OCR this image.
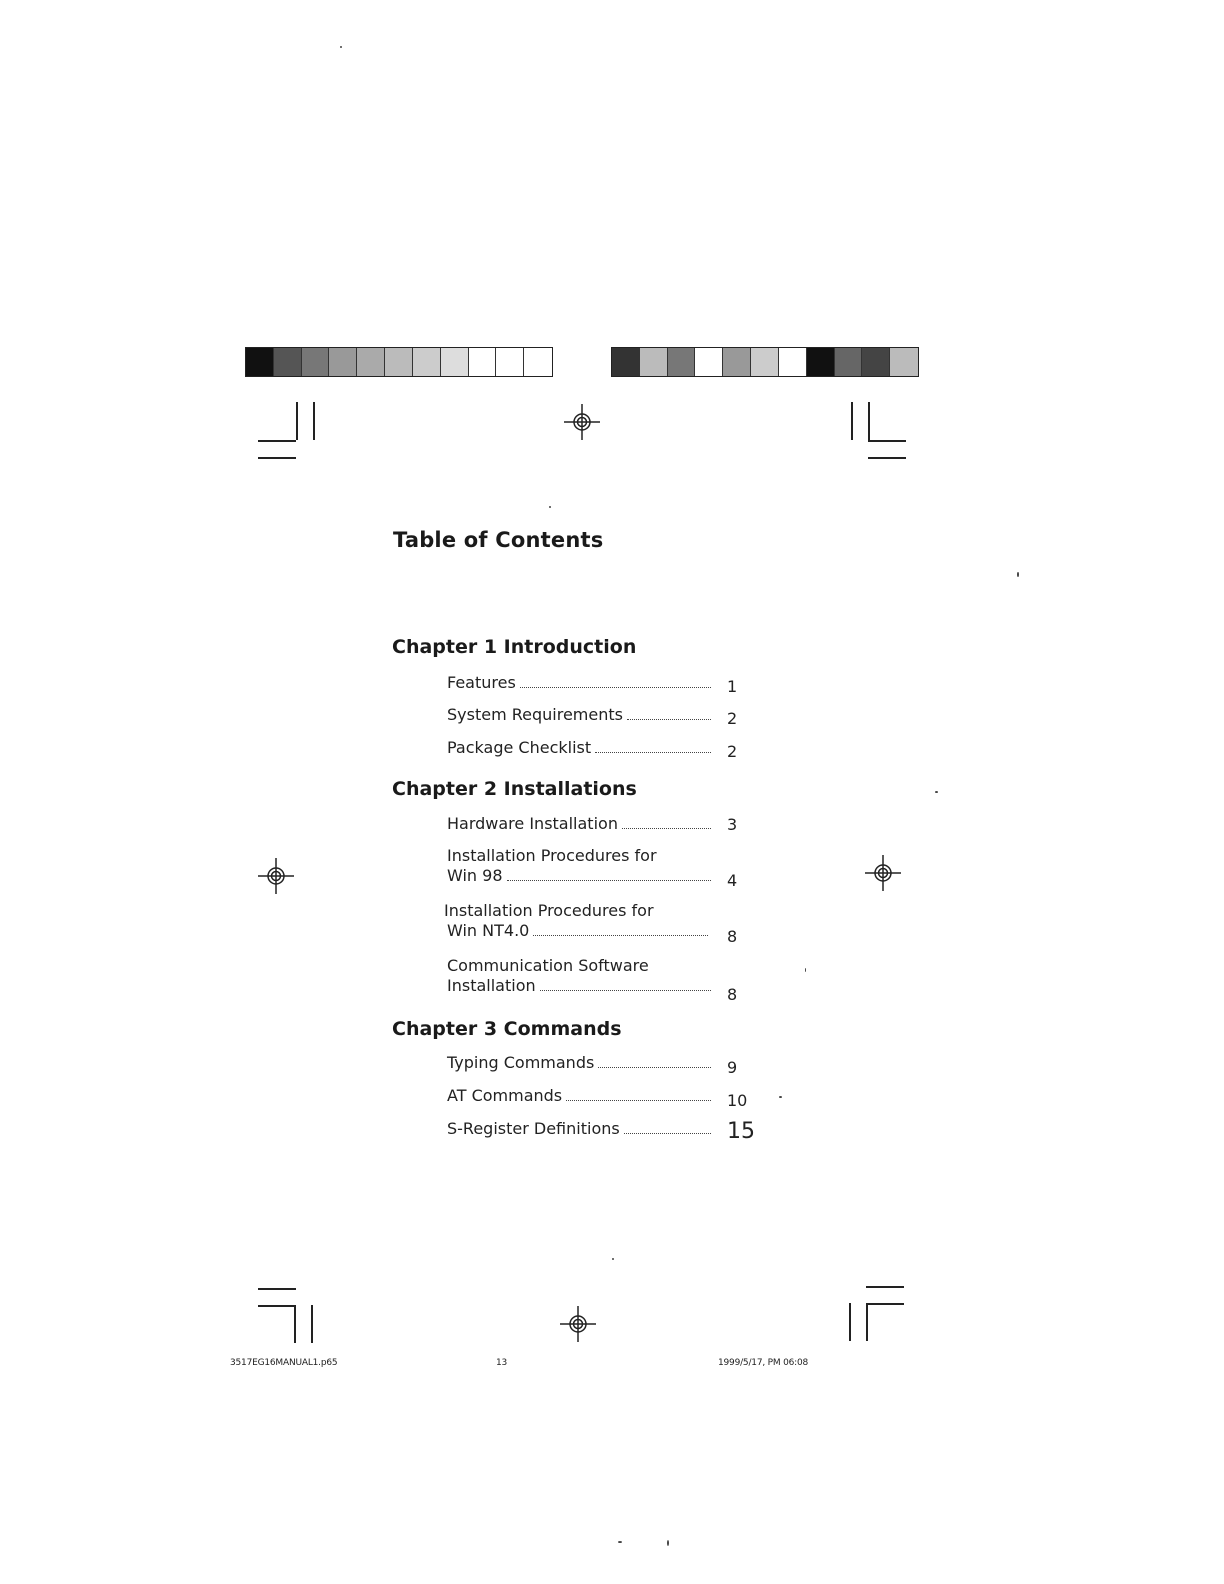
Table of Contents
Chapter 1 Introduction
Features	1
System Requirements	2
Package Checklist	2
Chapter 2 Installations
Hardware Installation	3
Installation Procedures for
Win 98	4
Installation Procedures for
Win NT4.0	8
Communication Software
Installation	8
Chapter 3 Commands
Typing Commands	9
AT Commands	10
S-Register Definitions	15
3517EG16MANUAL1.p65	13	1999/5/17, PM 06:08
